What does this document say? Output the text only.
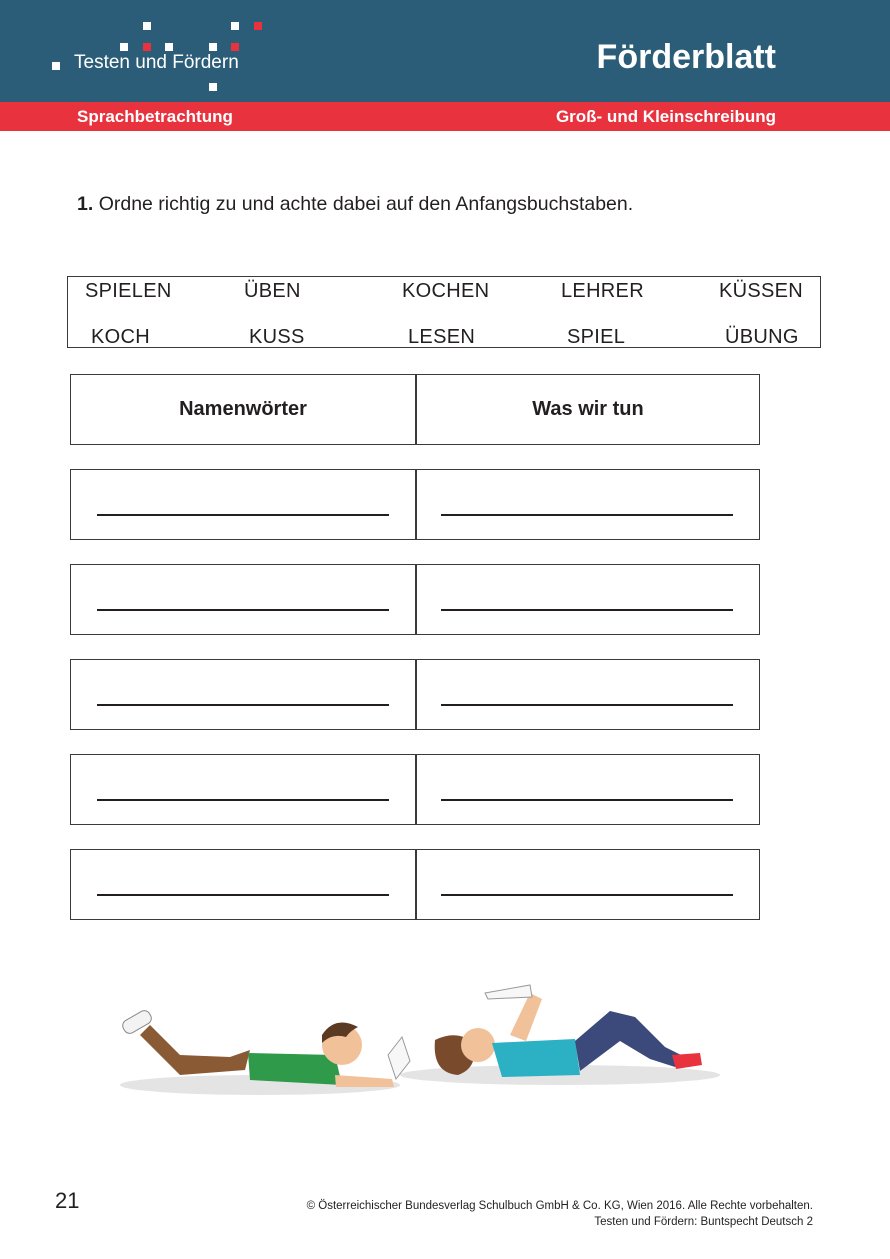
Testen und Fördern	Förderblatt
Sprachbetrachtung	Groß- und Kleinschreibung
1. Ordne richtig zu und achte dabei auf den Anfangsbuchstaben.
SPIELEN	ÜBEN	KOCHEN	LEHRER	KÜSSEN
KOCH	KUSS	LESEN	SPIEL	ÜBUNG
Namenwörter	Was wir tun
21	© Österreichischer Bundesverlag Schulbuch GmbH & Co. KG, Wien 2016. Alle Rechte vorbehalten.
Testen und Fördern: Buntspecht Deutsch 2
